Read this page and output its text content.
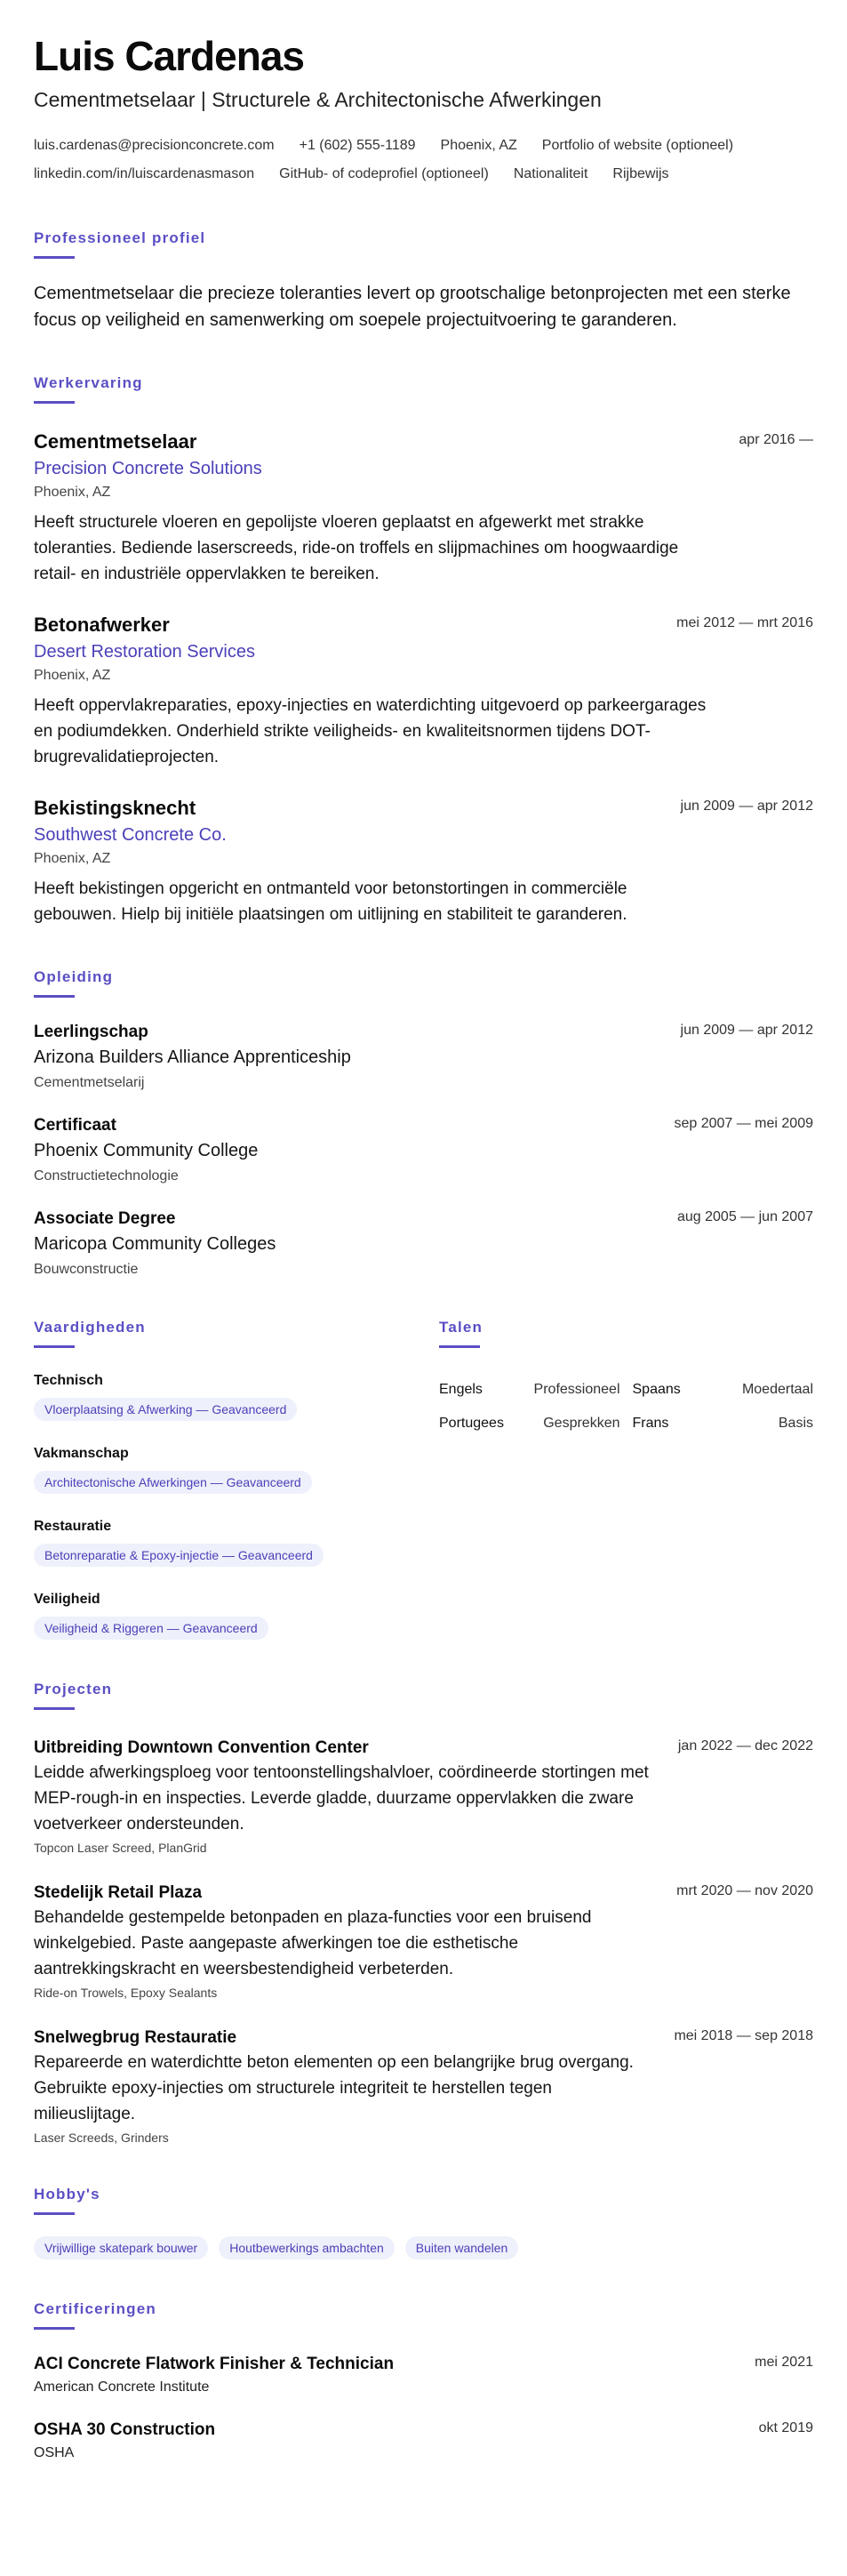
Luis Cardenas
Cementmetselaar | Structurele & Architectonische Afwerkingen
luis.cardenas@precisionconcrete.com +1 (602) 555-1189 Phoenix, AZ Portfolio of website (optioneel)
linkedin.com/in/luiscardenasmason GitHub- of codeprofiel (optioneel) Nationaliteit Rijbewijs
Professioneel profiel

Cementmetselaar die precieze toleranties levert op grootschalige betonprojecten met een sterke focus op veiligheid en samenwerking om soepele projectuitvoering te garanderen.

Werkervaring
apr 2016 —
Cementmetselaar
Precision Concrete Solutions
Phoenix, AZ

Heeft structurele vloeren en gepolijste vloeren geplaatst en afgewerkt met strakke toleranties. Bediende laserscreeds, ride-on troffels en slijpmachines om hoogwaardige retail- en industriële oppervlakken te bereiken.

mei 2012 — mrt 2016
Betonafwerker
Desert Restoration Services
Phoenix, AZ

Heeft oppervlakreparaties, epoxy-injecties en waterdichting uitgevoerd op parkeergarages en podiumdekken. Onderhield strikte veiligheids- en kwaliteitsnormen tijdens DOT-brugrevalidatieprojecten.

jun 2009 — apr 2012
Bekistingsknecht
Southwest Concrete Co.
Phoenix, AZ

Heeft bekistingen opgericht en ontmanteld voor betonstortingen in commerciële gebouwen. Hielp bij initiële plaatsingen om uitlijning en stabiliteit te garanderen.

Opleiding
jun 2009 — apr 2012
Leerlingschap
Arizona Builders Alliance Apprenticeship
Cementmetselarij
sep 2007 — mei 2009
Certificaat
Phoenix Community College
Constructietechnologie
aug 2005 — jun 2007
Associate Degree
Maricopa Community Colleges
Bouwconstructie
Vaardigheden
Technisch
Vloerplaatsing & Afwerking — Geavanceerd
Vakmanschap
Architectonische Afwerkingen — Geavanceerd
Restauratie
Betonreparatie & Epoxy-injectie — Geavanceerd
Veiligheid
Veiligheid & Riggeren — Geavanceerd
Talen
Engels	Professioneel Spaans	Moedertaal
Portugees	Gesprekken Frans	Basis
Projecten
jan 2022 — dec 2022
Uitbreiding Downtown Convention Center

Leidde afwerkingsploeg voor tentoonstellingshalvloer, coördineerde stortingen met MEP-rough-in en inspecties. Leverde gladde, duurzame oppervlakken die zware voetverkeer ondersteunden.

Topcon Laser Screed, PlanGrid
mrt 2020 — nov 2020
Stedelijk Retail Plaza

Behandelde gestempelde betonpaden en plaza-functies voor een bruisend winkelgebied. Paste aangepaste afwerkingen toe die esthetische aantrekkingskracht en weersbestendigheid verbeterden.

Ride-on Trowels, Epoxy Sealants
mei 2018 — sep 2018
Snelwegbrug Restauratie

Repareerde en waterdichtte beton elementen op een belangrijke brug overgang. Gebruikte epoxy-injecties om structurele integriteit te herstellen tegen milieuslijtage.

Laser Screeds, Grinders
Hobby's
Vrijwillige skatepark bouwer	Houtbewerkings ambachten	Buiten wandelen
Certificeringen
mei 2021
ACI Concrete Flatwork Finisher & Technician
American Concrete Institute
okt 2019
OSHA 30 Construction
OSHA
